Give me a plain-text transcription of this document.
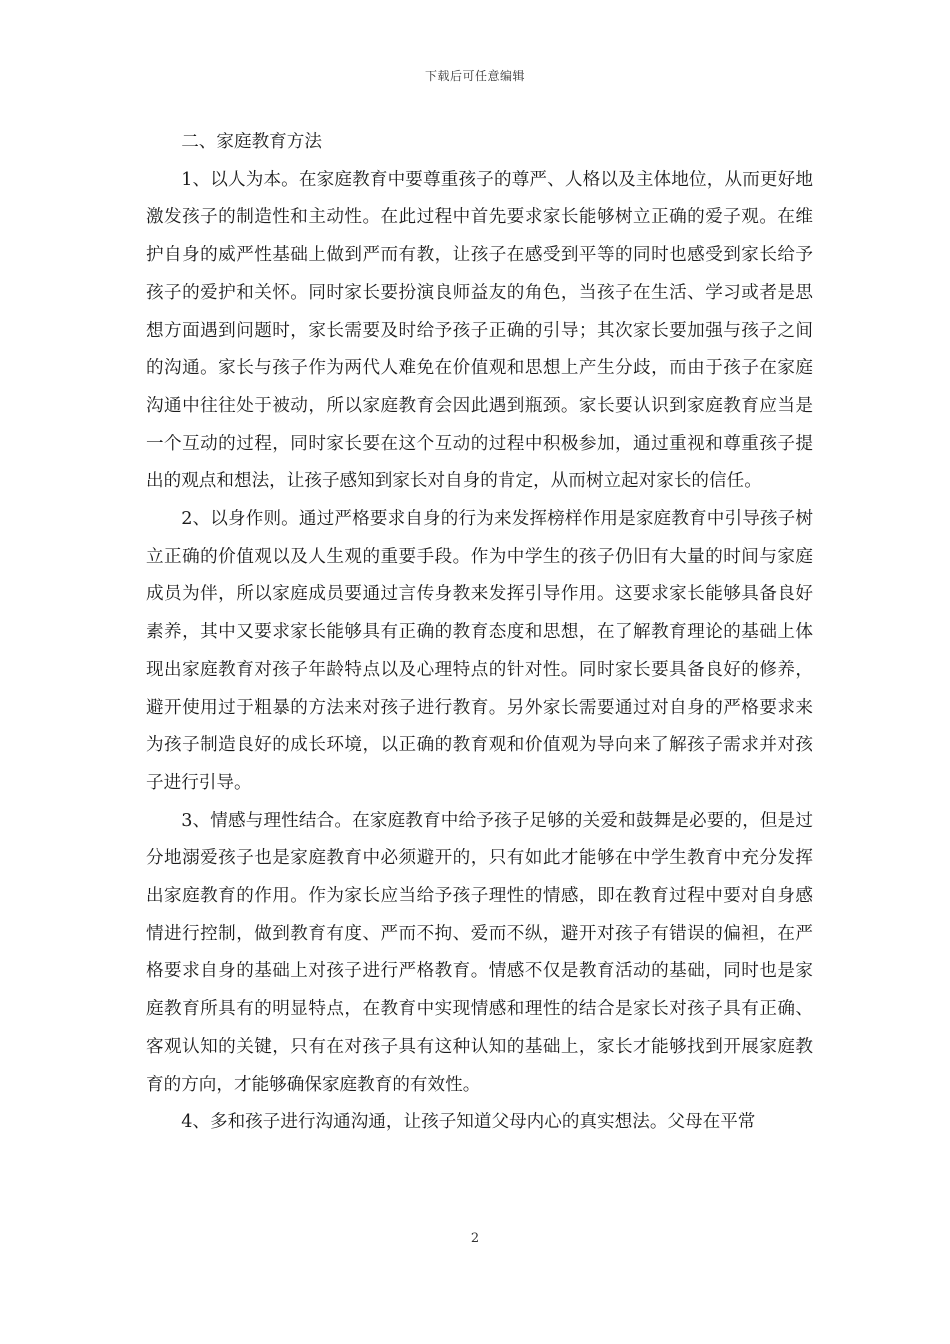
下载后可任意编辑

二、家庭教育方法

1、以人为本。在家庭教育中要尊重孩子的尊严、人格以及主体地位，从而更好地激发孩子的制造性和主动性。在此过程中首先要求家长能够树立正确的爱子观。在维护自身的威严性基础上做到严而有教，让孩子在感受到平等的同时也感受到家长给予孩子的爱护和关怀。同时家长要扮演良师益友的角色，当孩子在生活、学习或者是思想方面遇到问题时，家长需要及时给予孩子正确的引导；其次家长要加强与孩子之间的沟通。家长与孩子作为两代人难免在价值观和思想上产生分歧，而由于孩子在家庭沟通中往往处于被动，所以家庭教育会因此遇到瓶颈。家长要认识到家庭教育应当是一个互动的过程，同时家长要在这个互动的过程中积极参加，通过重视和尊重孩子提出的观点和想法，让孩子感知到家长对自身的肯定，从而树立起对家长的信任。

2、以身作则。通过严格要求自身的行为来发挥榜样作用是家庭教育中引导孩子树立正确的价值观以及人生观的重要手段。作为中学生的孩子仍旧有大量的时间与家庭成员为伴，所以家庭成员要通过言传身教来发挥引导作用。这要求家长能够具备良好素养，其中又要求家长能够具有正确的教育态度和思想，在了解教育理论的基础上体现出家庭教育对孩子年龄特点以及心理特点的针对性。同时家长要具备良好的修养，避开使用过于粗暴的方法来对孩子进行教育。另外家长需要通过对自身的严格要求来为孩子制造良好的成长环境，以正确的教育观和价值观为导向来了解孩子需求并对孩子进行引导。

3、情感与理性结合。在家庭教育中给予孩子足够的关爱和鼓舞是必要的，但是过分地溺爱孩子也是家庭教育中必须避开的，只有如此才能够在中学生教育中充分发挥出家庭教育的作用。作为家长应当给予孩子理性的情感，即在教育过程中要对自身感情进行控制，做到教育有度、严而不拘、爱而不纵，避开对孩子有错误的偏袒，在严格要求自身的基础上对孩子进行严格教育。情感不仅是教育活动的基础，同时也是家庭教育所具有的明显特点，在教育中实现情感和理性的结合是家长对孩子具有正确、客观认知的关键，只有在对孩子具有这种认知的基础上，家长才能够找到开展家庭教育的方向，才能够确保家庭教育的有效性。

4、多和孩子进行沟通沟通，让孩子知道父母内心的真实想法。父母在平常

2
